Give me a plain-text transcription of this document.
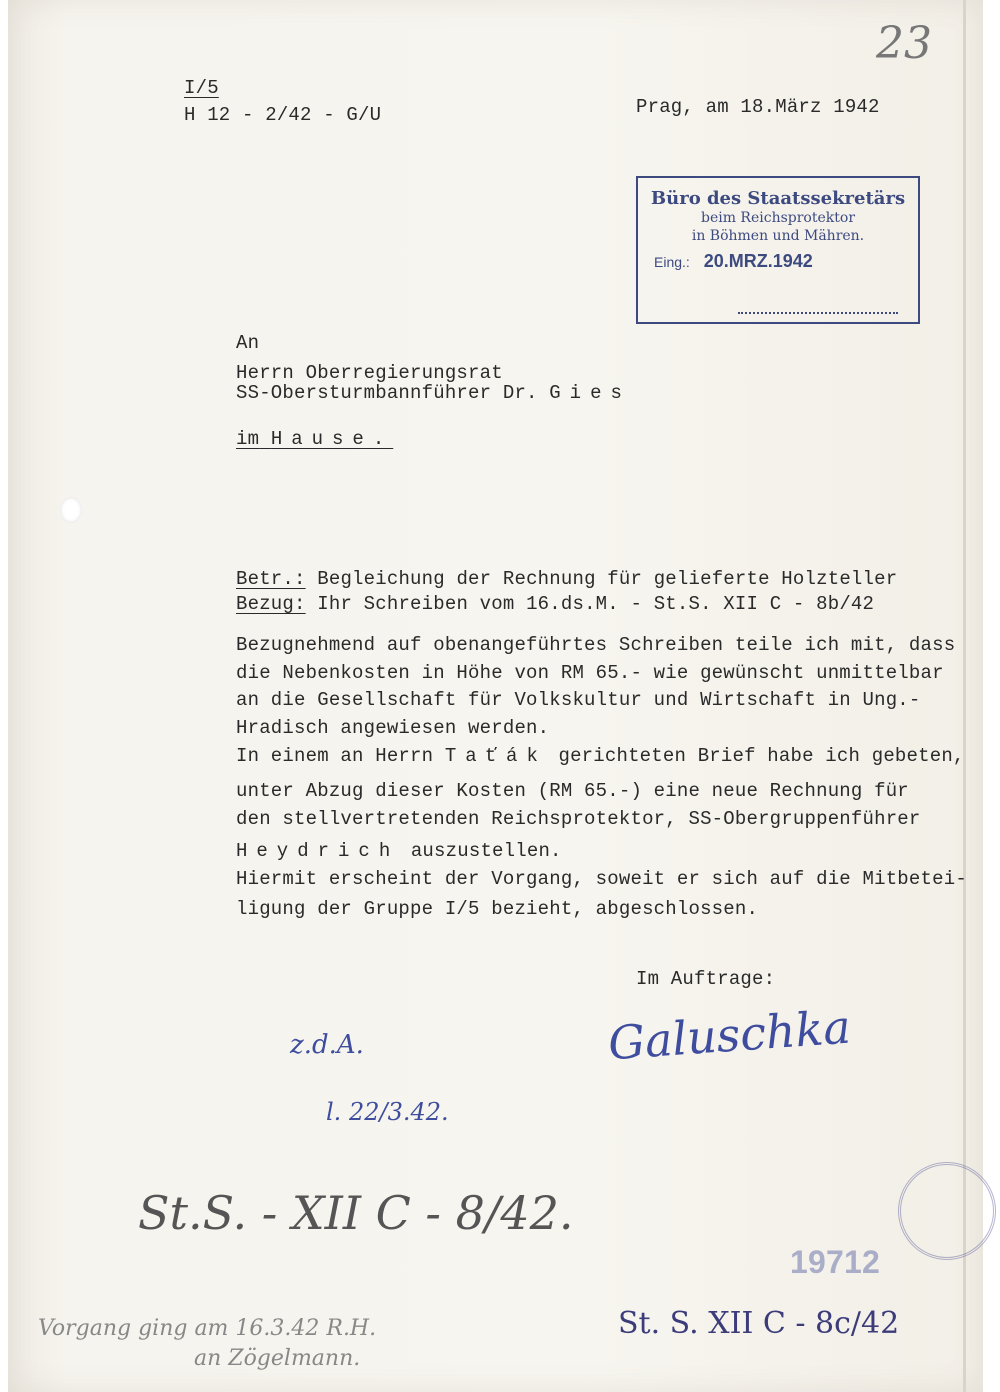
23
I/5
H 12 - 2/42 - G/U	Prag, am 18.März 1942
Büro des Staatssekretärs
beim Reichsprotektor
in Böhmen und Mähren.
Eing.: 20.MRZ.1942
An
Herrn Oberregierungsrat
SS-Obersturmbannführer Dr. Gies
im Hause.
Betr.: Begleichung der Rechnung für gelieferte Holzteller
Bezug: Ihr Schreiben vom 16.ds.M. - St.S. XII C - 8b/42
Bezugnehmend auf obenangeführtes Schreiben teile ich mit, dass
die Nebenkosten in Höhe von RM 65.- wie gewünscht unmittelbar
an die Gesellschaft für Volkskultur und Wirtschaft in Ung.-
Hradisch angewiesen werden.
In einem an Herrn Taťák gerichteten Brief habe ich gebeten,
unter Abzug dieser Kosten (RM 65.-) eine neue Rechnung für
den stellvertretenden Reichsprotektor, SS-Obergruppenführer
Heydrich auszustellen.
Hiermit erscheint der Vorgang, soweit er sich auf die Mitbetei-
ligung der Gruppe I/5 bezieht, abgeschlossen.
Im Auftrage:
Galuschka
z.d.A.
l. 22/3.42.
St.S. - XII C - 8/42.
19712
St. S. XII C - 8c/42
Vorgang ging am 16.3.42 R.H.
an Zögelmann.
